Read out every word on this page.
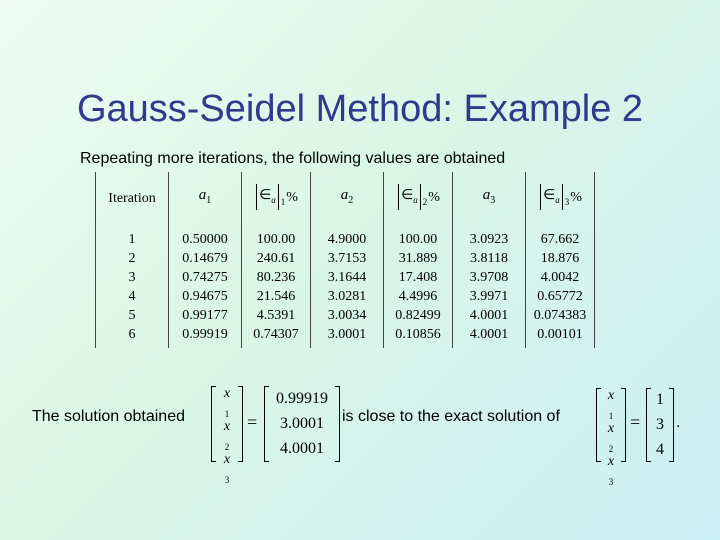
Gauss-Seidel Method: Example 2
Repeating more iterations, the following values are obtained
Iteration	$a_1$	$\in_a$ $_1$%	$a_2$	$\in_a$ $_2$%	$a_3$	$\in_a$ $_3$%
1	0.50000	100.00	4.9000	100.00	3.0923	67.662
2	0.14679	240.61	3.7153	31.889	3.8118	18.876
3	0.74275	80.236	3.1644	17.408	3.9708	4.0042
4	0.94675	21.546	3.0281	4.4996	3.9971	0.65772
5	0.99177	4.5391	3.0034	0.82499	4.0001	0.074383
6	0.99919	0.74307	3.0001	0.10856	4.0001	0.00101
The solution obtained
x
$_1$
x
$_2$
x
$_3$
=
0.99919
3.0001
4.0001
is close to the exact solution of
x
$_1$
x
$_2$
x
$_3$
=
1
3
4
.
